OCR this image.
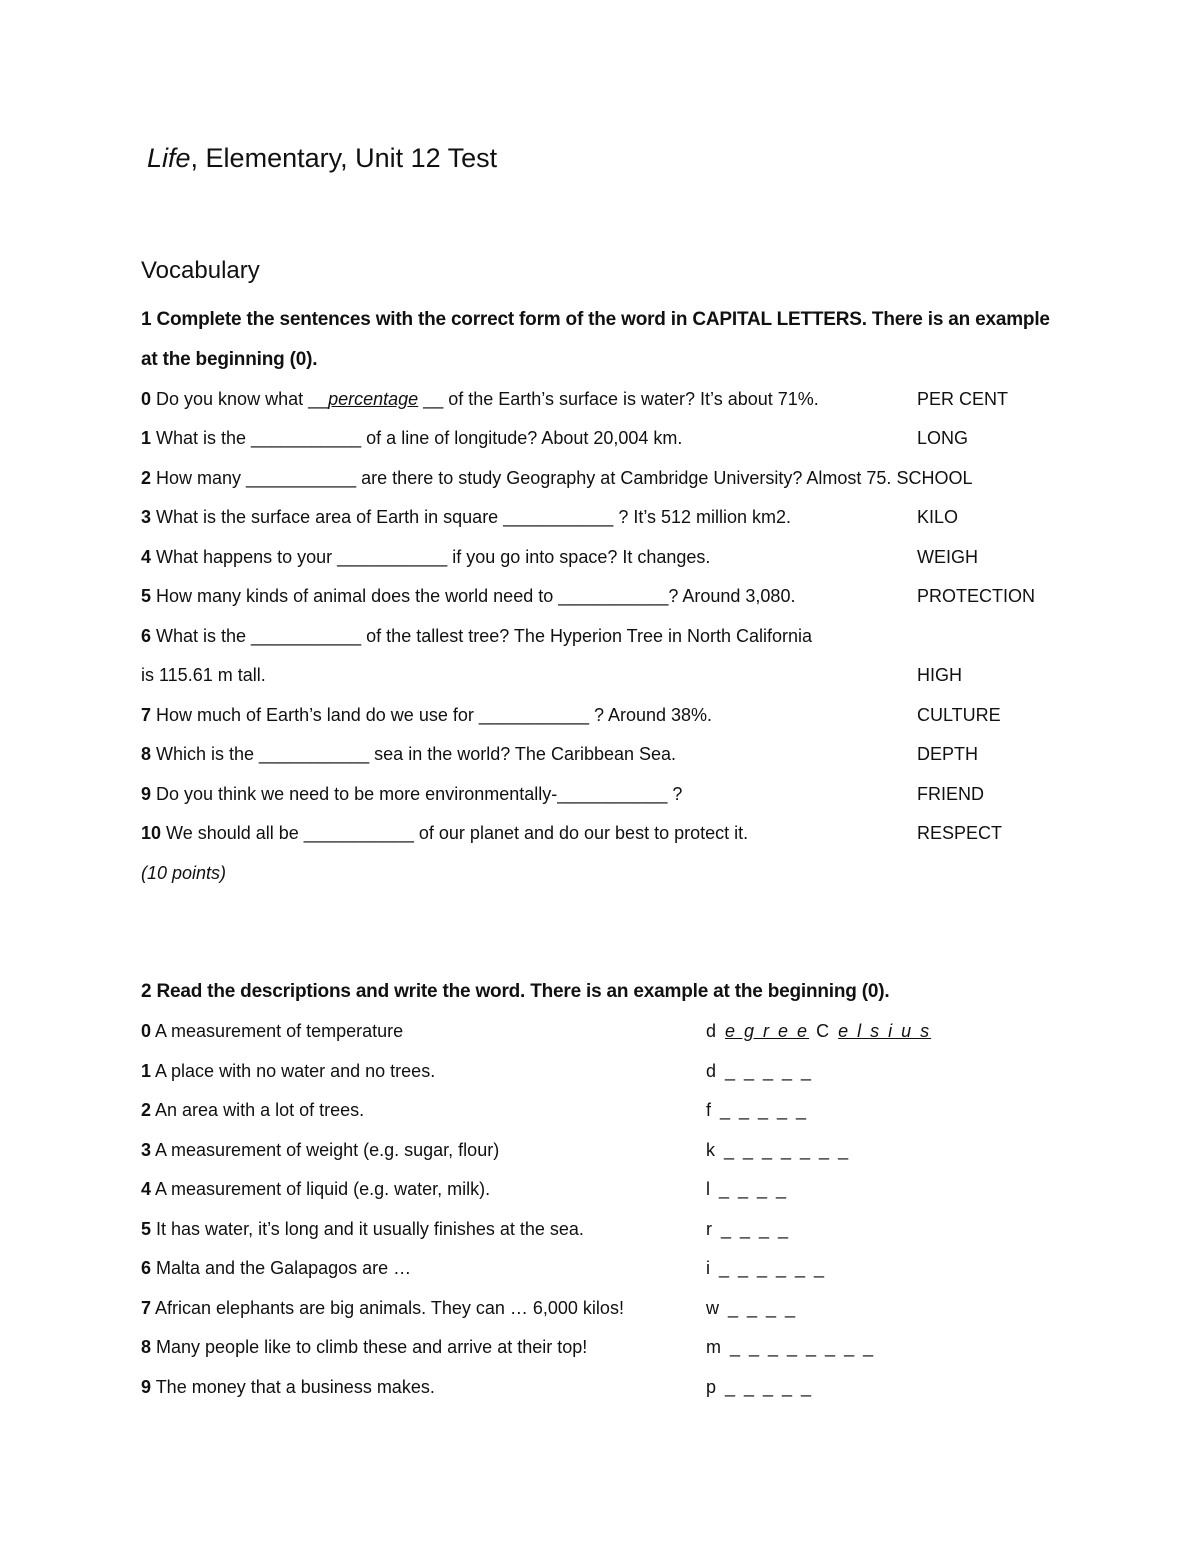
Life, Elementary, Unit 12 Test
Vocabulary
1 Complete the sentences with the correct form of the word in CAPITAL LETTERS. There is an example
at the beginning (0).
0 Do you know what __percentage __ of the Earth’s surface is water? It’s about 71%.	PER CENT
1 What is the ___________ of a line of longitude? About 20,004 km.	LONG
2 How many ___________ are there to study Geography at Cambridge University? Almost 75. SCHOOL
3 What is the surface area of Earth in square ___________ ? It’s 512 million km2.	KILO
4 What happens to your ___________ if you go into space? It changes.	WEIGH
5 How many kinds of animal does the world need to ___________? Around 3,080.	PROTECTION
6 What is the ___________ of the tallest tree? The Hyperion Tree in North California
is 115.61 m tall.	HIGH
7 How much of Earth’s land do we use for ___________ ? Around 38%.	CULTURE
8 Which is the ___________ sea in the world? The Caribbean Sea.	DEPTH
9 Do you think we need to be more environmentally-___________ ?	FRIEND
10 We should all be ___________ of our planet and do our best to protect it.	RESPECT
(10 points)
2 Read the descriptions and write the word. There is an example at the beginning (0).
0 A measurement of temperature	d e g r e e C e l s i u s
1 A place with no water and no trees.	d _ _ _ _ _
2 An area with a lot of trees.	f _ _ _ _ _
3 A measurement of weight (e.g. sugar, flour)	k _ _ _ _ _ _ _
4 A measurement of liquid (e.g. water, milk).	l _ _ _ _
5 It has water, it’s long and it usually finishes at the sea.	r _ _ _ _
6 Malta and the Galapagos are …	i _ _ _ _ _ _
7 African elephants are big animals. They can … 6,000 kilos!	w _ _ _ _
8 Many people like to climb these and arrive at their top!	m _ _ _ _ _ _ _ _
9 The money that a business makes.	p _ _ _ _ _
